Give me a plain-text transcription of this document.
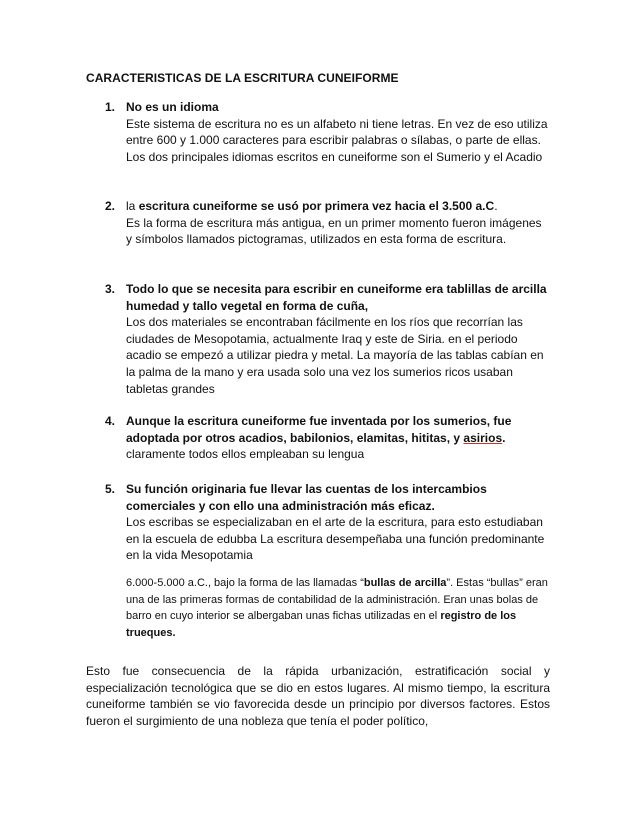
CARACTERISTICAS DE LA ESCRITURA CUNEIFORME
1. No es un idioma
Este sistema de escritura no es un alfabeto ni tiene letras. En vez de eso utiliza entre 600 y 1.000 caracteres para escribir palabras o sílabas, o parte de ellas. Los dos principales idiomas escritos en cuneiforme son el Sumerio y el Acadio
2. la escritura cuneiforme se usó por primera vez hacia el 3.500 a.C.
Es la forma de escritura más antigua, en un primer momento fueron imágenes y símbolos llamados pictogramas, utilizados en esta forma de escritura.
3. Todo lo que se necesita para escribir en cuneiforme era tablillas de arcilla humedad y tallo vegetal en forma de cuña,
Los dos materiales se encontraban fácilmente en los ríos que recorrían las ciudades de Mesopotamia, actualmente Iraq y este de Siria. en el periodo acadio se empezó a utilizar piedra y metal. La mayoría de las tablas cabían en la palma de la mano y era usada solo una vez los sumerios ricos usaban tabletas grandes
4. Aunque la escritura cuneiforme fue inventada por los sumerios, fue adoptada por otros acadios, babilonios, elamitas, hititas, y asirios.
claramente todos ellos empleaban su lengua
5. Su función originaria fue llevar las cuentas de los intercambios comerciales y con ello una administración más eficaz.
Los escribas se especializaban en el arte de la escritura, para esto estudiaban en la escuela de edubba La escritura desempeñaba una función predominante en la vida Mesopotamia
6.000-5.000 a.C., bajo la forma de las llamadas “bullas de arcilla”. Estas “bullas” eran una de las primeras formas de contabilidad de la administración. Eran unas bolas de barro en cuyo interior se albergaban unas fichas utilizadas en el registro de los trueques.
Esto fue consecuencia de la rápida urbanización, estratificación social y especialización tecnológica que se dio en estos lugares. Al mismo tiempo, la escritura cuneiforme también se vio favorecida desde un principio por diversos factores. Estos fueron el surgimiento de una nobleza que tenía el poder político,
